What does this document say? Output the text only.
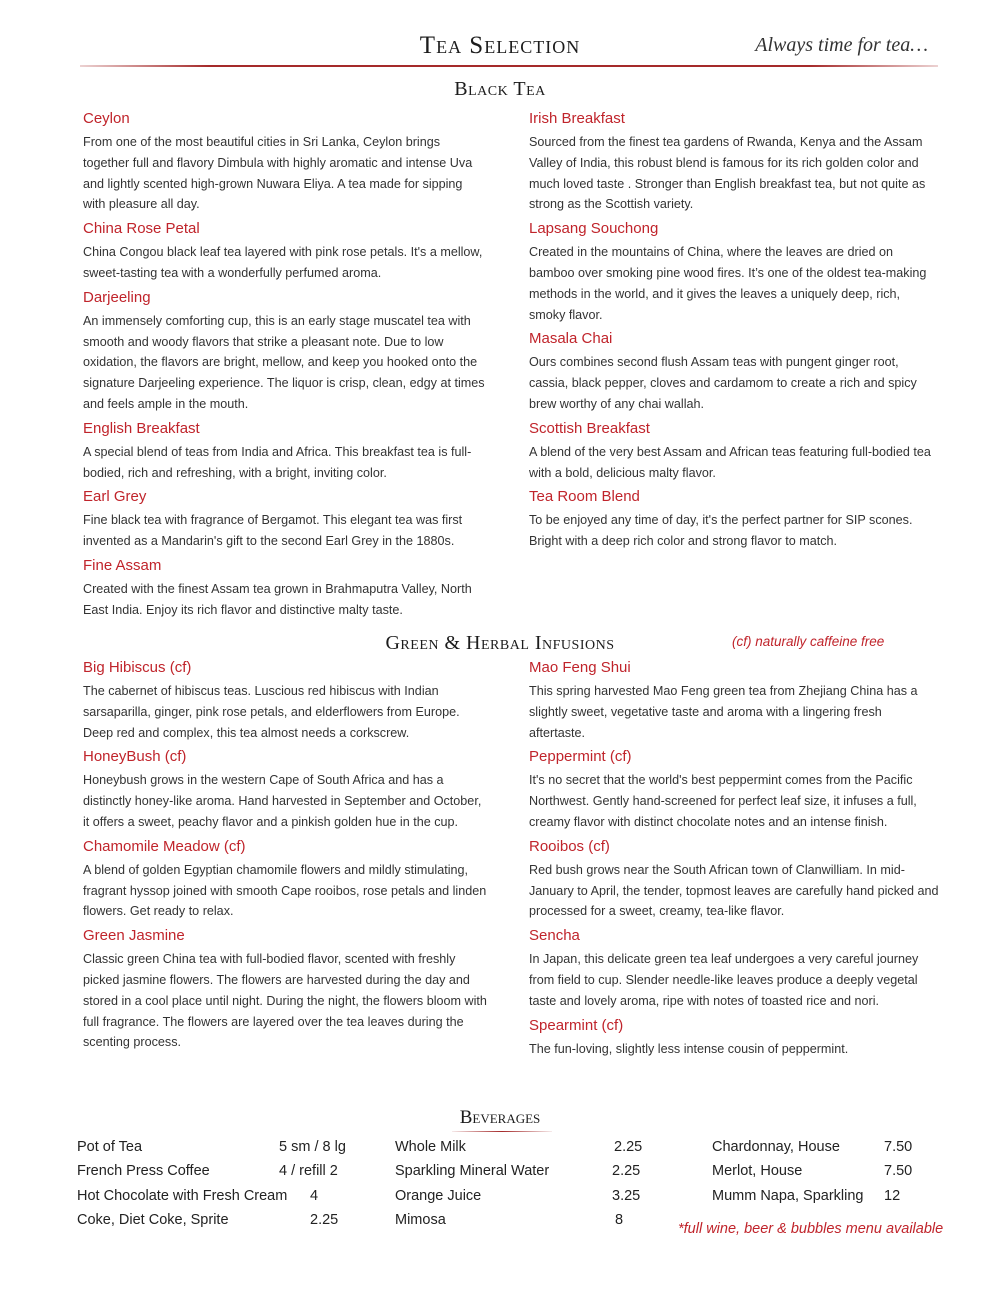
Tea Selection	Always time for tea…
Black Tea
Ceylon
From one of the most beautiful cities in Sri Lanka, Ceylon brings together full and flavory Dimbula with highly aromatic and intense Uva and lightly scented high-grown Nuwara Eliya. A tea made for sipping with pleasure all day.
China Rose Petal
China Congou black leaf tea layered with pink rose petals. It's a mellow, sweet-tasting tea with a wonderfully perfumed aroma.
Darjeeling
An immensely comforting cup, this is an early stage muscatel tea with smooth and woody flavors that strike a pleasant note. Due to low oxidation, the flavors are bright, mellow, and keep you hooked onto the signature Darjeeling experience. The liquor is crisp, clean, edgy at times and feels ample in the mouth.
English Breakfast
A special blend of teas from India and Africa. This breakfast tea is full-bodied, rich and refreshing, with a bright, inviting color.
Earl Grey
Fine black tea with fragrance of Bergamot. This elegant tea was first invented as a Mandarin's gift to the second Earl Grey in the 1880s.
Fine Assam
Created with the finest Assam tea grown in Brahmaputra Valley, North East India. Enjoy its rich flavor and distinctive malty taste.
Irish Breakfast
Sourced from the finest tea gardens of Rwanda, Kenya and the Assam Valley of India, this robust blend is famous for its rich golden color and much loved taste . Stronger than English breakfast tea, but not quite as strong as the Scottish variety.
Lapsang Souchong
Created in the mountains of China, where the leaves are dried on bamboo over smoking pine wood fires. It’s one of the oldest tea-making methods in the world, and it gives the leaves a uniquely deep, rich, smoky flavor.
Masala Chai
Ours combines second flush Assam teas with pungent ginger root, cassia, black pepper, cloves and cardamom to create a rich and spicy brew worthy of any chai wallah.
Scottish Breakfast
A blend of the very best Assam and African teas featuring full-bodied tea with a bold, delicious malty flavor.
Tea Room Blend
To be enjoyed any time of day, it's the perfect partner for SIP scones. Bright with a deep rich color and strong flavor to match.
Green & Herbal Infusions	(cf) naturally caffeine free
Big Hibiscus (cf)
The cabernet of hibiscus teas. Luscious red hibiscus with Indian sarsaparilla, ginger, pink rose petals, and elderflowers from Europe. Deep red and complex, this tea almost needs a corkscrew.
HoneyBush (cf)
Honeybush grows in the western Cape of South Africa and has a distinctly honey-like aroma. Hand harvested in September and October, it offers a sweet, peachy flavor and a pinkish golden hue in the cup.
Chamomile Meadow (cf)
A blend of golden Egyptian chamomile flowers and mildly stimulating, fragrant hyssop joined with smooth Cape rooibos, rose petals and linden flowers. Get ready to relax.
Green Jasmine
Classic green China tea with full-bodied flavor, scented with freshly picked jasmine flowers. The flowers are harvested during the day and stored in a cool place until night. During the night, the flowers bloom with full fragrance. The flowers are layered over the tea leaves during the scenting process.
Mao Feng Shui
This spring harvested Mao Feng green tea from Zhejiang China has a slightly sweet, vegetative taste and aroma with a lingering fresh aftertaste.
Peppermint (cf)
It's no secret that the world's best peppermint comes from the Pacific Northwest. Gently hand-screened for perfect leaf size, it infuses a full, creamy flavor with distinct chocolate notes and an intense finish.
Rooibos (cf)
Red bush grows near the South African town of Clanwilliam. In mid-January to April, the tender, topmost leaves are carefully hand picked and processed for a sweet, creamy, tea-like flavor.
Sencha
In Japan, this delicate green tea leaf undergoes a very careful journey from field to cup. Slender needle-like leaves produce a deeply vegetal taste and lovely aroma, ripe with notes of toasted rice and nori.
Spearmint (cf)
The fun-loving, slightly less intense cousin of peppermint.
Beverages
Pot of Tea	5 sm / 8 lg
French Press Coffee	4 / refill 2
Hot Chocolate with Fresh Cream 4
Coke, Diet Coke, Sprite	2.25
Whole Milk	2.25
Sparkling Mineral Water	2.25
Orange Juice	3.25
Mimosa	8
Chardonnay, House	7.50
Merlot, House	7.50
Mumm Napa, Sparkling 12
*full wine, beer & bubbles menu available
